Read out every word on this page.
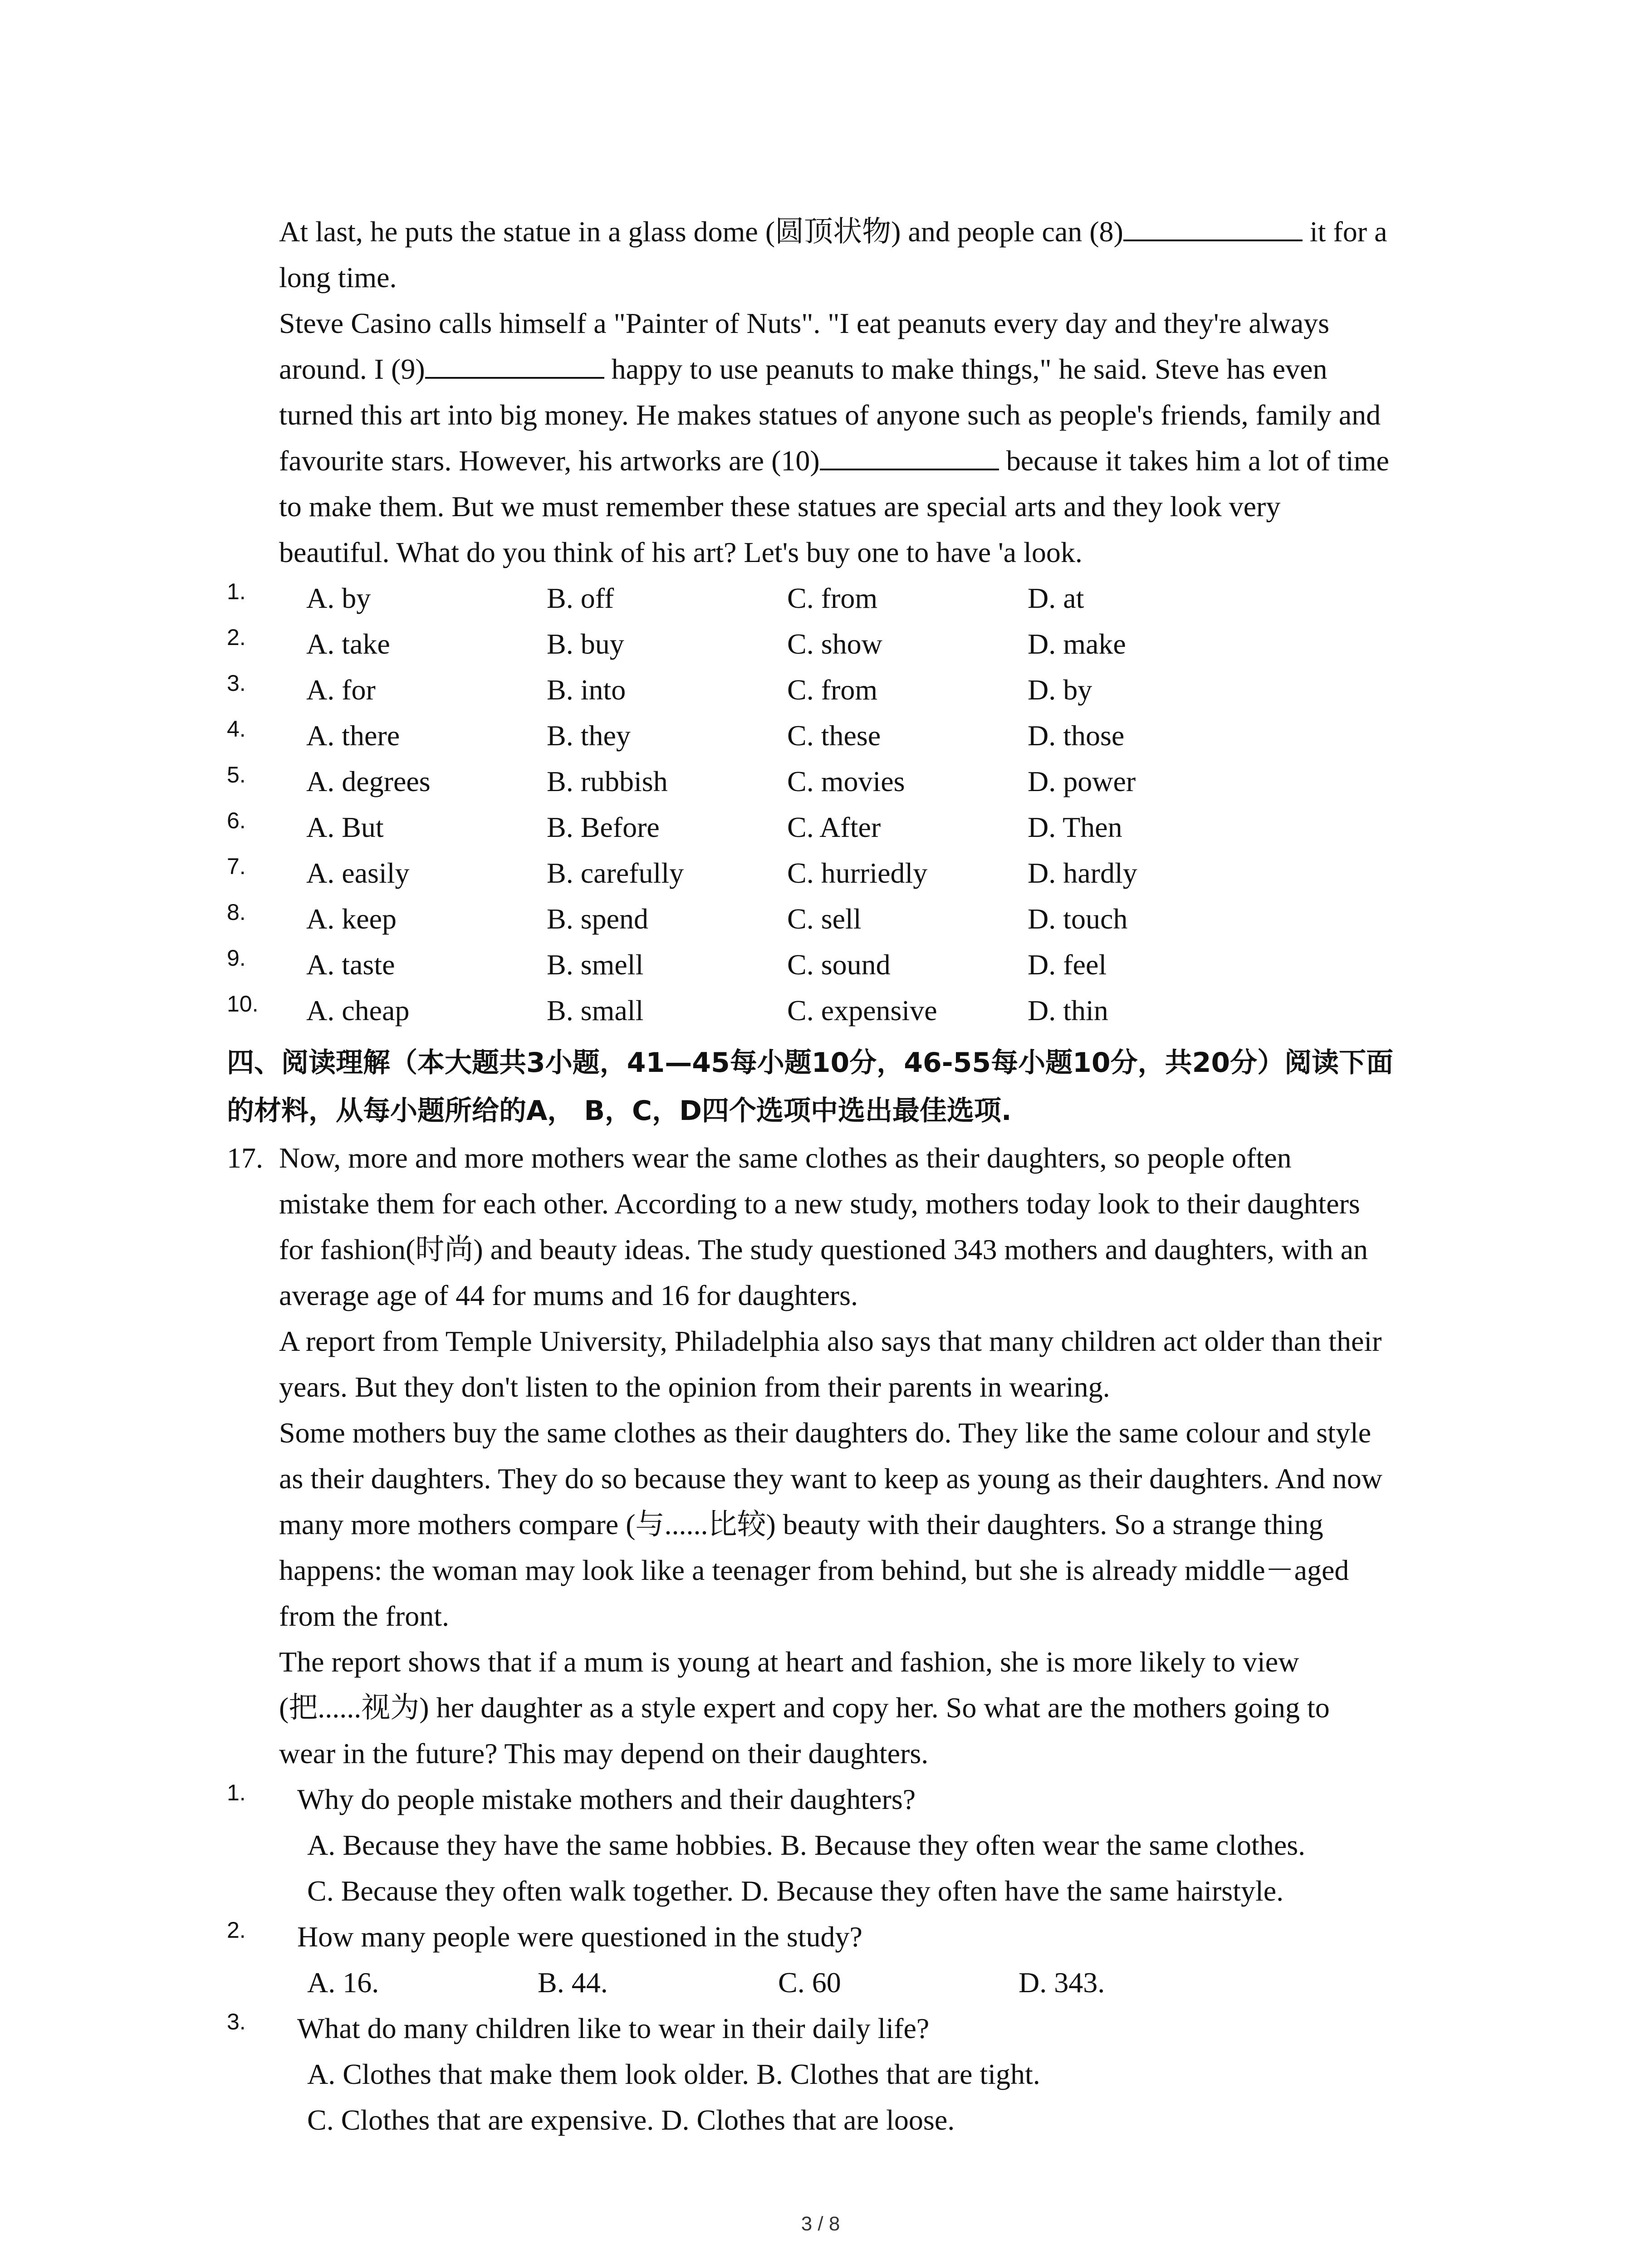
At last, he puts the statue in a glass dome (圆顶状物) and people can (8)	it for a
long time.
Steve Casino calls himself a "Painter of Nuts". "I eat peanuts every day and they're always
around. I (9)	happy to use peanuts to make things," he said. Steve has even
turned this art into big money. He makes statues of anyone such as people's friends, family and
favourite stars. However, his artworks are (10)	because it takes him a lot of time
to make them. But we must remember these statues are special arts and they look very
beautiful. What do you think of his art? Let's buy one to have 'a look.
1.	A. by	B. off	C. from	D. at
2.	A. take	B. buy	C. show	D. make
3.	A. for	B. into	C. from	D. by
4.	A. there	B. they	C. these	D. those
5.	A. degrees	B. rubbish	C. movies	D. power
6.	A. But	B. Before	C. After	D. Then
7.	A. easily	B. carefully	C. hurriedly	D. hardly
8.	A. keep	B. spend	C. sell	D. touch
9.	A. taste	B. smell	C. sound	D. feel
10.	A. cheap	B. small	C. expensive	D. thin
四、阅读理解（本大题共3小题，41—45每小题10分，46-55每小题10分，共20分）阅读下面
的材料，从每小题所给的A， B，C，D四个选项中选出最佳选项.
17. Now, more and more mothers wear the same clothes as their daughters, so people often
mistake them for each other. According to a new study, mothers today look to their daughters
for fashion(时尚) and beauty ideas. The study questioned 343 mothers and daughters, with an
average age of 44 for mums and 16 for daughters.
A report from Temple University, Philadelphia also says that many children act older than their
years. But they don't listen to the opinion from their parents in wearing.
Some mothers buy the same clothes as their daughters do. They like the same colour and style
as their daughters. They do so because they want to keep as young as their daughters. And now
many more mothers compare (与......比较) beauty with their daughters. So a strange thing
happens: the woman may look like a teenager from behind, but she is already middle－aged
from the front.
The report shows that if a mum is young at heart and fashion, she is more likely to view
(把......视为) her daughter as a style expert and copy her. So what are the mothers going to
wear in the future? This may depend on their daughters.
1.	Why do people mistake mothers and their daughters?
A. Because they have the same hobbies. B. Because they often wear the same clothes.
C. Because they often walk together. D. Because they often have the same hairstyle.
2.	How many people were questioned in the study?
A. 16.	B. 44.	C. 60	D. 343.
3.	What do many children like to wear in their daily life?
A. Clothes that make them look older. B. Clothes that are tight.
C. Clothes that are expensive. D. Clothes that are loose.
3 / 8
